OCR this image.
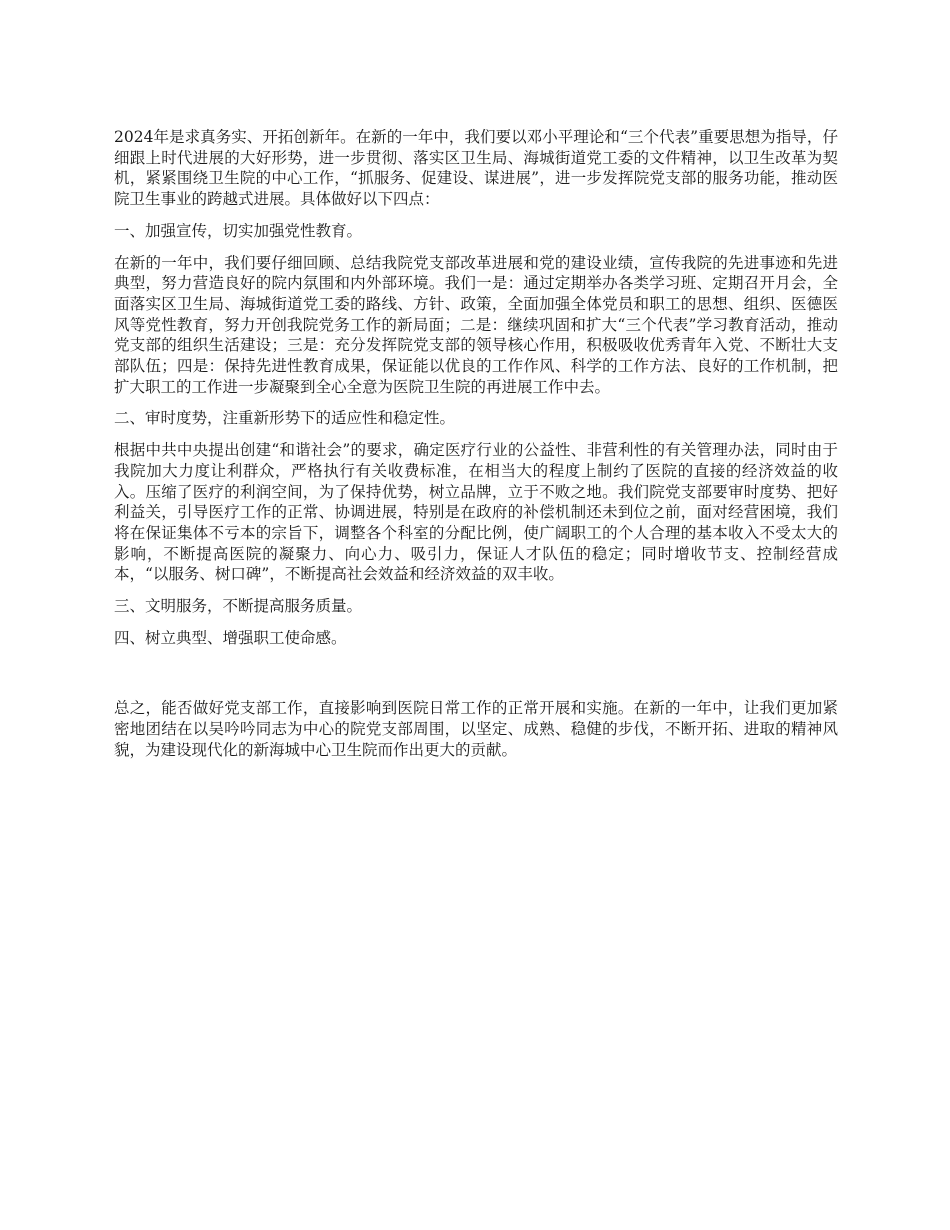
2024年是求真务实、开拓创新年。在新的一年中，我们要以邓小平理论和“三个代表”重要思想为指导，仔细跟上时代进展的大好形势，进一步贯彻、落实区卫生局、海城街道党工委的文件精神，以卫生改革为契机，紧紧围绕卫生院的中心工作，“抓服务、促建设、谋进展”，进一步发挥院党支部的服务功能，推动医院卫生事业的跨越式进展。具体做好以下四点：

一、加强宣传，切实加强党性教育。

在新的一年中，我们要仔细回顾、总结我院党支部改革进展和党的建设业绩，宣传我院的先进事迹和先进典型，努力营造良好的院内氛围和内外部环境。我们一是：通过定期举办各类学习班、定期召开月会，全面落实区卫生局、海城街道党工委的路线、方针、政策，全面加强全体党员和职工的思想、组织、医德医风等党性教育，努力开创我院党务工作的新局面；二是：继续巩固和扩大“三个代表”学习教育活动，推动党支部的组织生活建设；三是：充分发挥院党支部的领导核心作用，积极吸收优秀青年入党、不断壮大支部队伍；四是：保持先进性教育成果，保证能以优良的工作作风、科学的工作方法、良好的工作机制，把扩大职工的工作进一步凝聚到全心全意为医院卫生院的再进展工作中去。

二、审时度势，注重新形势下的适应性和稳定性。

根据中共中央提出创建“和谐社会”的要求，确定医疗行业的公益性、非营利性的有关管理办法，同时由于我院加大力度让利群众，严格执行有关收费标准，在相当大的程度上制约了医院的直接的经济效益的收入。压缩了医疗的利润空间，为了保持优势，树立品牌，立于不败之地。我们院党支部要审时度势、把好利益关，引导医疗工作的正常、协调进展，特别是在政府的补偿机制还未到位之前，面对经营困境，我们将在保证集体不亏本的宗旨下，调整各个科室的分配比例，使广阔职工的个人合理的基本收入不受太大的影响，不断提高医院的凝聚力、向心力、吸引力，保证人才队伍的稳定；同时增收节支、控制经营成本，“以服务、树口碑”，不断提高社会效益和经济效益的双丰收。

三、文明服务，不断提高服务质量。

四、树立典型、增强职工使命感。

总之，能否做好党支部工作，直接影响到医院日常工作的正常开展和实施。在新的一年中，让我们更加紧密地团结在以吴吟吟同志为中心的院党支部周围，以坚定、成熟、稳健的步伐，不断开拓、进取的精神风貌，为建设现代化的新海城中心卫生院而作出更大的贡献。
